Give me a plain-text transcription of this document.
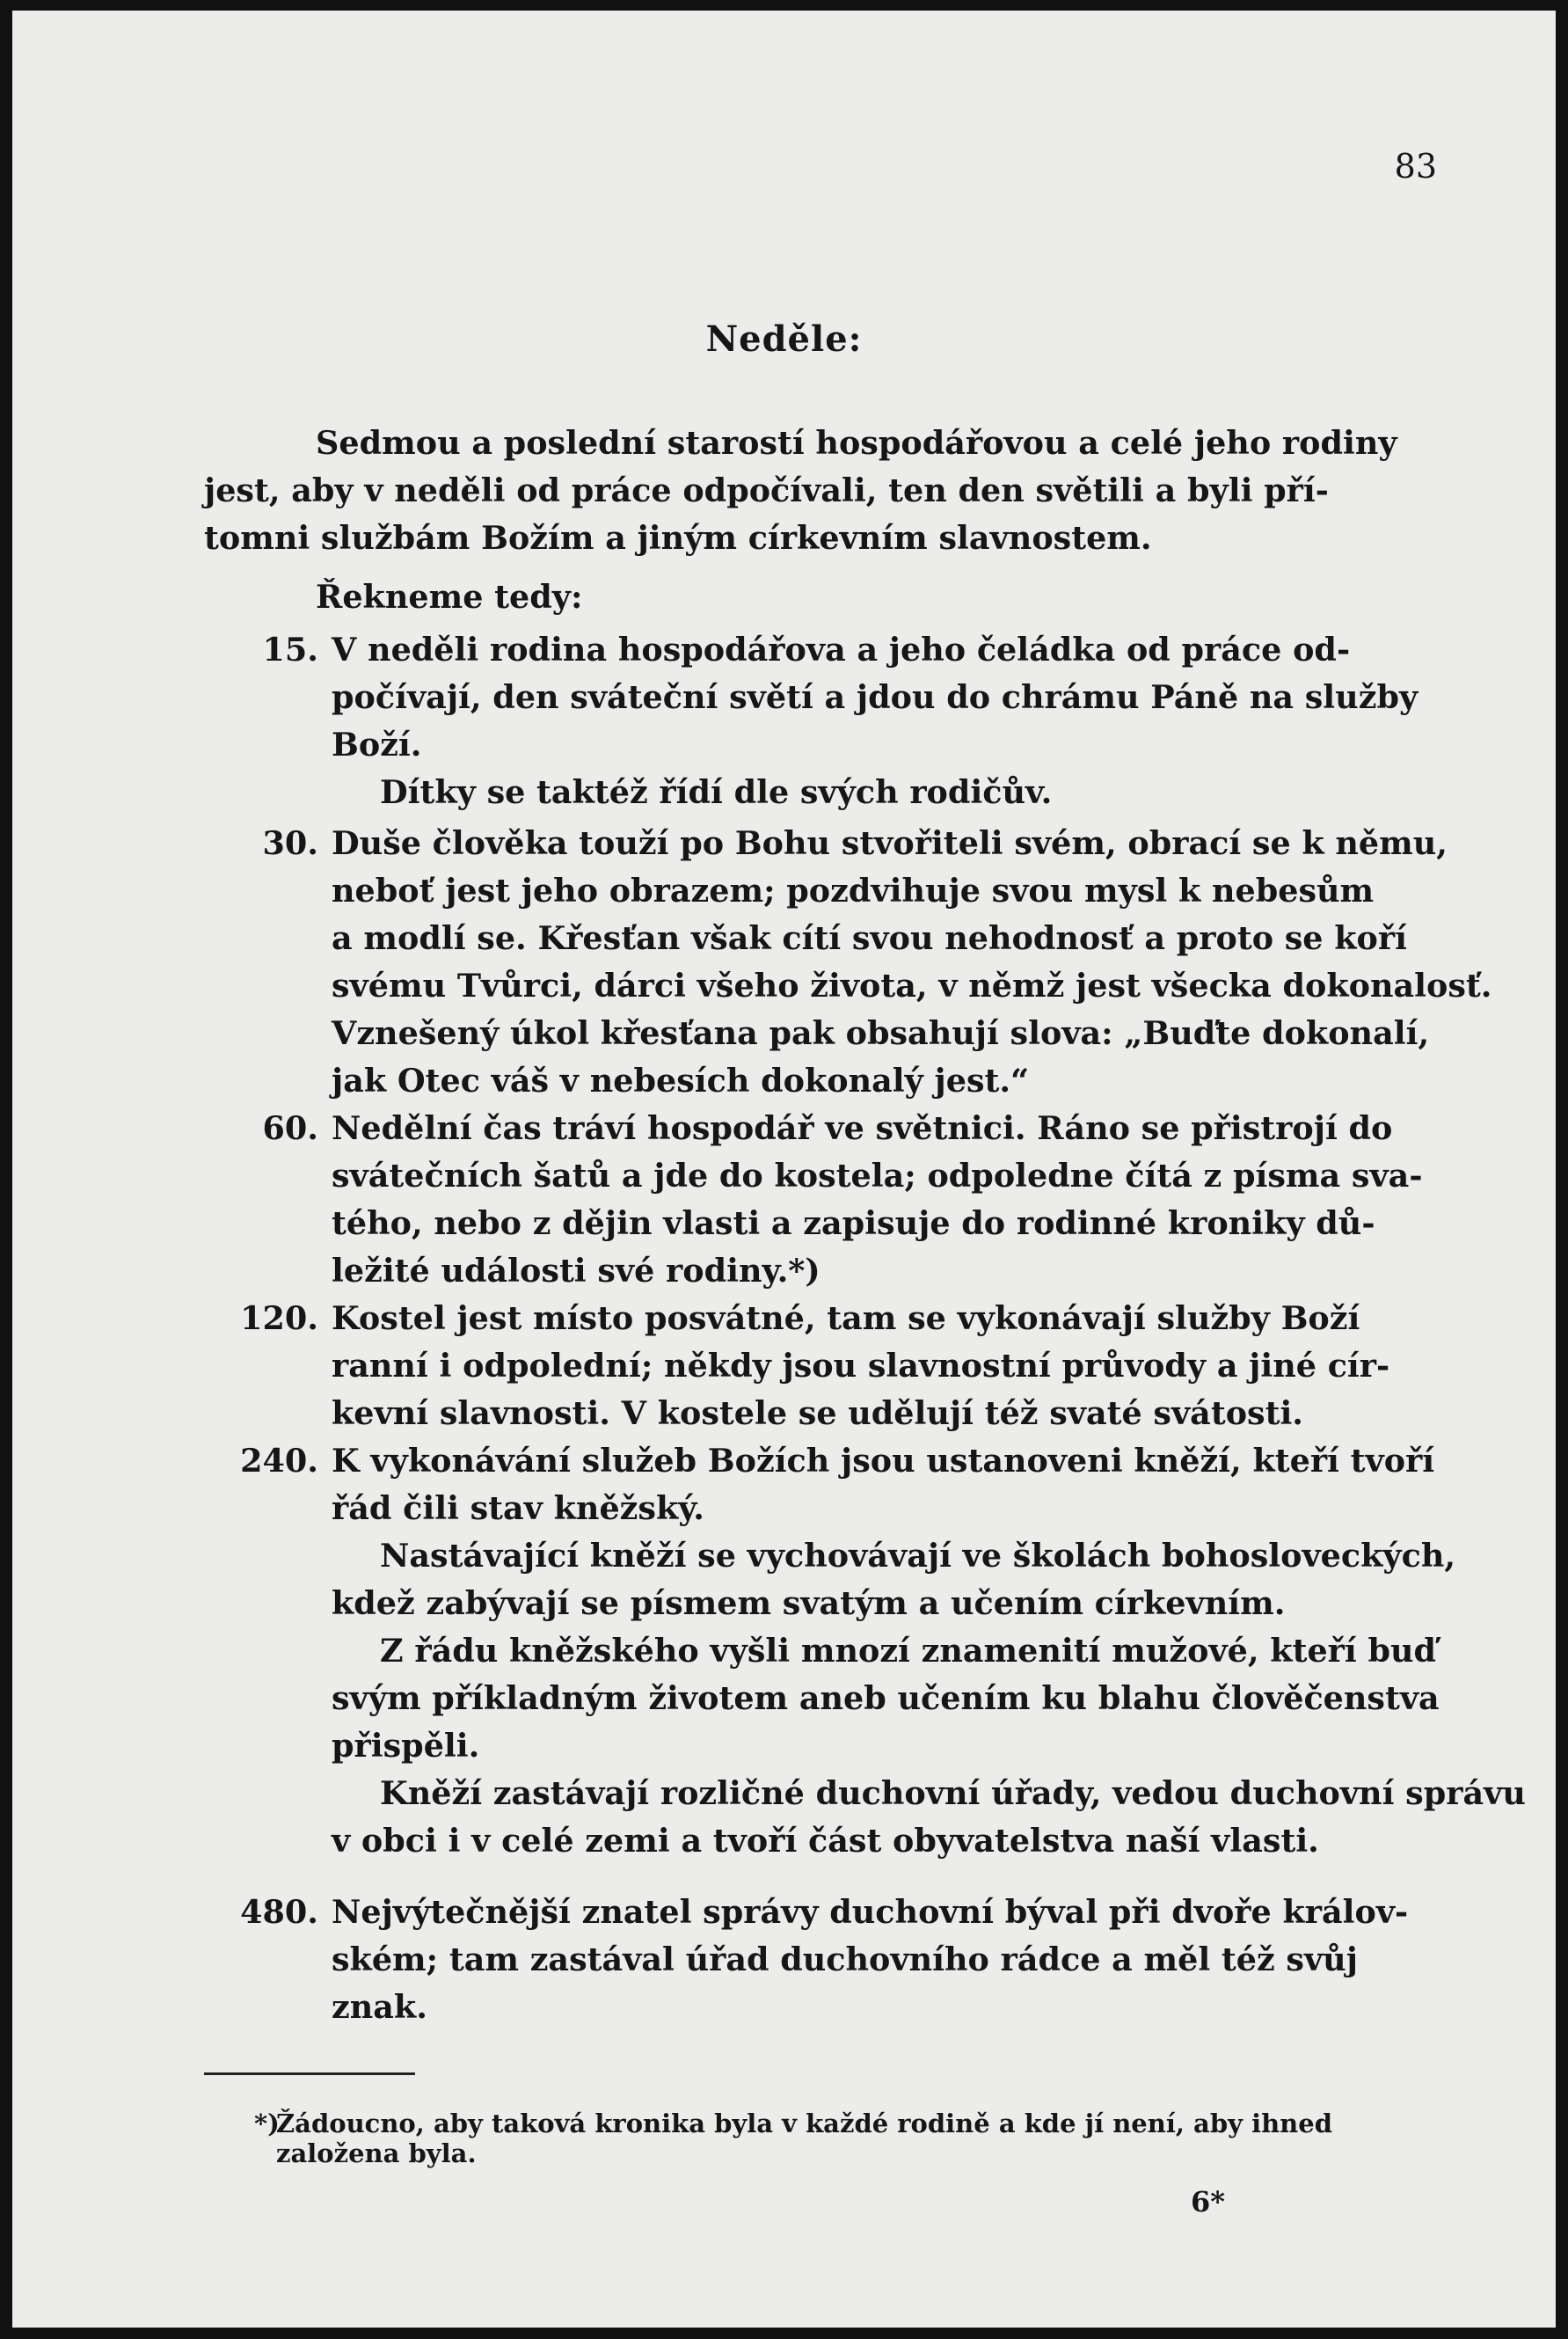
83
Neděle:
Sedmou a poslední starostí hospodářovou a celé jeho rodiny
jest, aby v neděli od práce odpočívali, ten den světili a byli pří-
tomni službám Božím a jiným církevním slavnostem.
Řekneme tedy:
15. V neděli rodina hospodářova a jeho čeládka od práce od-
počívají, den sváteční světí a jdou do chrámu Páně na služby
Boží.
Dítky se taktéž řídí dle svých rodičův.
30. Duše člověka touží po Bohu stvořiteli svém, obrací se k němu,
neboť jest jeho obrazem; pozdvihuje svou mysl k nebesům
a modlí se. Křesťan však cítí svou nehodnosť a proto se koří
svému Tvůrci, dárci všeho života, v němž jest všecka dokonalosť.
Vznešený úkol křesťana pak obsahují slova: „Buďte dokonalí,
jak Otec váš v nebesích dokonalý jest.“
60. Nedělní čas tráví hospodář ve světnici. Ráno se přistrojí do
svátečních šatů a jde do kostela; odpoledne čítá z písma sva-
tého, nebo z dějin vlasti a zapisuje do rodinné kroniky dů-
ležité události své rodiny.*)
120. Kostel jest místo posvátné, tam se vykonávají služby Boží
ranní i odpolední; někdy jsou slavnostní průvody a jiné cír-
kevní slavnosti. V kostele se udělují též svaté svátosti.
240. K vykonávání služeb Božích jsou ustanoveni kněží, kteří tvoří
řád čili stav kněžský.
Nastávající kněží se vychovávají ve školách bohosloveckých,
kdež zabývají se písmem svatým a učením církevním.
Z řádu kněžského vyšli mnozí znamenití mužové, kteří buď
svým příkladným životem aneb učením ku blahu člověčenstva
přispěli.
Kněží zastávají rozličné duchovní úřady, vedou duchovní správu
v obci i v celé zemi a tvoří část obyvatelstva naší vlasti.
480. Nejvýtečnější znatel správy duchovní býval při dvoře králov-
ském; tam zastával úřad duchovního rádce a měl též svůj
znak.
*)
Žádoucno, aby taková kronika byla v každé rodině a kde jí není, aby ihned
založena byla.
6*
